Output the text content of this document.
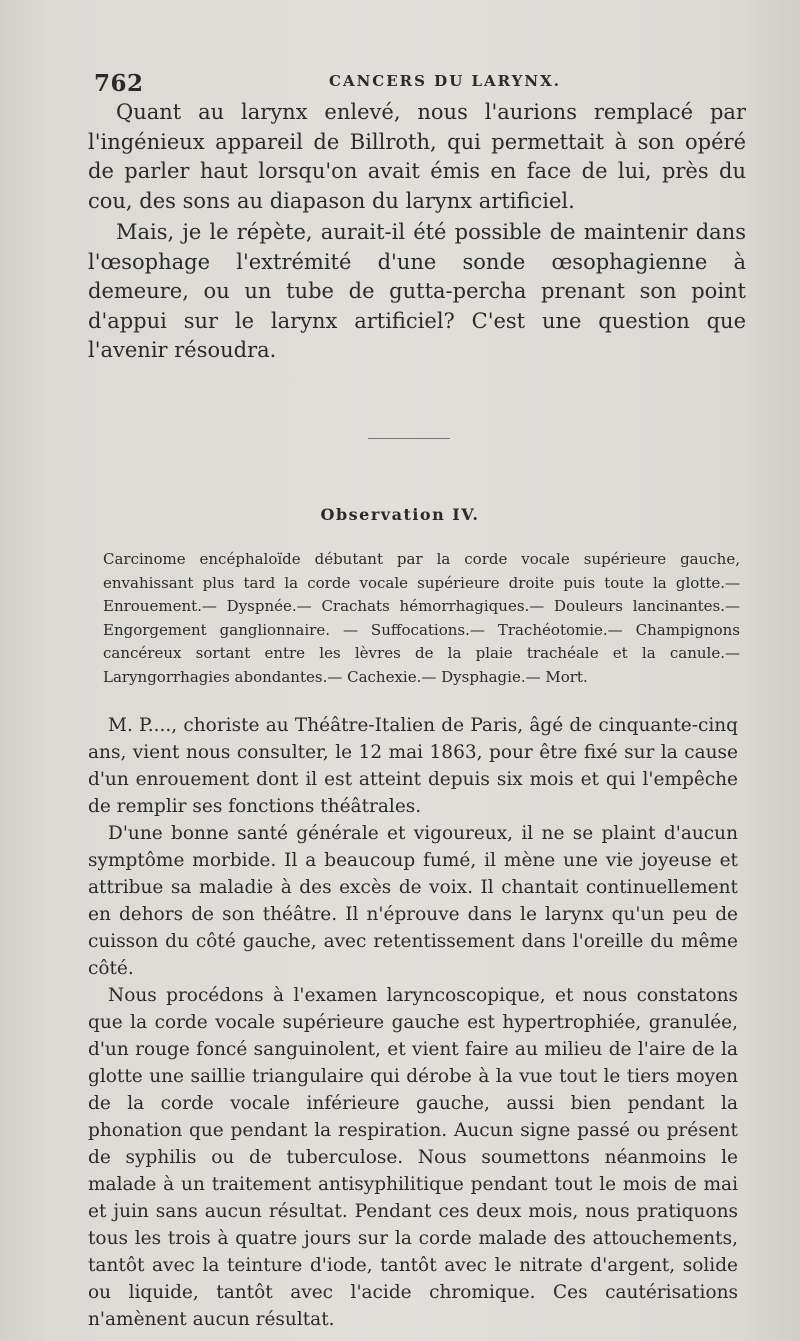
762	CANCERS DU LARYNX.

Quant au larynx enlevé, nous l'aurions remplacé par l'ingénieux appareil de Billroth, qui permettait à son opéré de parler haut lorsqu'on avait émis en face de lui, près du cou, des sons au diapason du larynx artificiel.

Mais, je le répète, aurait-il été possible de maintenir dans l'œsophage l'extrémité d'une sonde œsophagienne à demeure, ou un tube de gutta-percha prenant son point d'appui sur le larynx artificiel? C'est une question que l'avenir résoudra.

Observation IV.
Carcinome encéphaloïde débutant par la corde vocale supérieure gauche, envahissant plus tard la corde vocale supérieure droite puis toute la glotte.— Enrouement.— Dyspnée.— Crachats hémorrhagiques.— Douleurs lancinantes.— Engorgement ganglionnaire. — Suffocations.— Trachéotomie.— Champignons cancéreux sortant entre les lèvres de la plaie trachéale et la canule.— Laryngorrhagies abondantes.— Cachexie.— Dysphagie.— Mort.

M. P...., choriste au Théâtre-Italien de Paris, âgé de cinquante-cinq ans, vient nous consulter, le 12 mai 1863, pour être fixé sur la cause d'un enrouement dont il est atteint depuis six mois et qui l'empêche de remplir ses fonctions théâtrales.

D'une bonne santé générale et vigoureux, il ne se plaint d'aucun symptôme morbide. Il a beaucoup fumé, il mène une vie joyeuse et attribue sa maladie à des excès de voix. Il chantait continuellement en dehors de son théâtre. Il n'éprouve dans le larynx qu'un peu de cuisson du côté gauche, avec retentissement dans l'oreille du même côté.

Nous procédons à l'examen laryncoscopique, et nous constatons que la corde vocale supérieure gauche est hypertrophiée, granulée, d'un rouge foncé sanguinolent, et vient faire au milieu de l'aire de la glotte une saillie triangulaire qui dérobe à la vue tout le tiers moyen de la corde vocale inférieure gauche, aussi bien pendant la phonation que pendant la respiration. Aucun signe passé ou présent de syphilis ou de tuberculose. Nous soumettons néanmoins le malade à un traitement antisyphilitique pendant tout le mois de mai et juin sans aucun résultat. Pendant ces deux mois, nous pratiquons tous les trois à quatre jours sur la corde malade des attouchements, tantôt avec la teinture d'iode, tantôt avec le nitrate d'argent, solide ou liquide, tantôt avec l'acide chromique. Ces cautérisations n'amènent aucun résultat.
